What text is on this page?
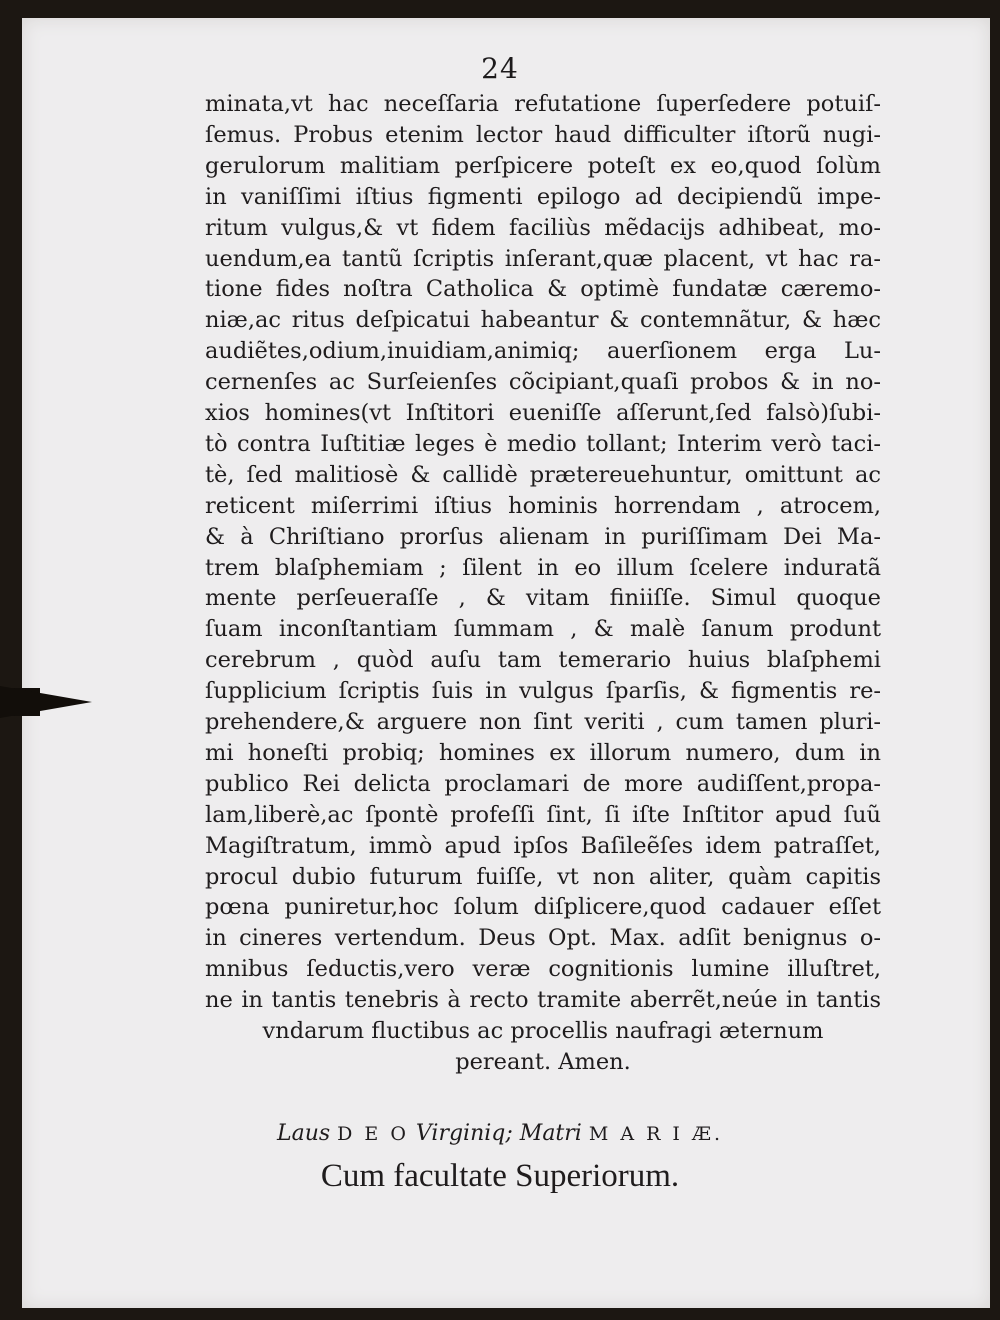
24
minata,vt hac neceſſaria refutatione ſuperſedere potuiſ-
ſemus. Probus etenim lector haud difficulter iſtorũ nugi-
gerulorum malitiam perſpicere poteſt ex eo,quod ſolùm
in vaniſſimi iſtius figmenti epilogo ad decipiendũ impe-
ritum vulgus,& vt fidem faciliùs mẽdacijs adhibeat, mo-
uendum,ea tantũ ſcriptis inſerant,quæ placent, vt hac ra-
tione fides noſtra Catholica & optimè fundatæ cæremo-
niæ,ac ritus deſpicatui habeantur & contemnãtur, & hæc
audiẽtes,odium,inuidiam,animiq; auerſionem erga Lu-
cernenſes ac Surſeienſes cõcipiant,quaſi probos & in no-
xios homines(vt Inſtitori eueniſſe aſſerunt,ſed falsò)ſubi-
tò contra Iuſtitiæ leges è medio tollant; Interim verò taci-
tè, ſed malitiosè & callidè prætereuehuntur, omittunt ac
reticent miſerrimi iſtius hominis horrendam , atrocem,
& à Chriſtiano prorſus alienam in puriſſimam Dei Ma-
trem blaſphemiam ; ſilent in eo illum ſcelere induratã
mente perſeueraſſe , & vitam finiiſſe. Simul quoque
ſuam inconſtantiam ſummam , & malè ſanum produnt
cerebrum , quòd auſu tam temerario huius blaſphemi
ſupplicium ſcriptis ſuis in vulgus ſparſis, & figmentis re-
prehendere,& arguere non ſint veriti , cum tamen pluri-
mi honeſti probiq; homines ex illorum numero, dum in
publico Rei delicta proclamari de more audiſſent,propa-
lam,liberè,ac ſpontè profeſſi ſint, ſi iſte Inſtitor apud ſuũ
Magiſtratum, immò apud ipſos Baſileẽſes idem patraſſet,
procul dubio futurum fuiſſe, vt non aliter, quàm capitis
pœna puniretur,hoc ſolum diſplicere,quod cadauer eſſet
in cineres vertendum. Deus Opt. Max. adſit benignus o-
mnibus ſeductis,vero veræ cognitionis lumine illuſtret,
ne in tantis tenebris à recto tramite aberrẽt,neúe in tantis
vndarum fluctibus ac procellis naufragi æternum
pereant. Amen.
Laus D E O Virginiq; Matri M A R I Æ.
Cum facultate Superiorum.
